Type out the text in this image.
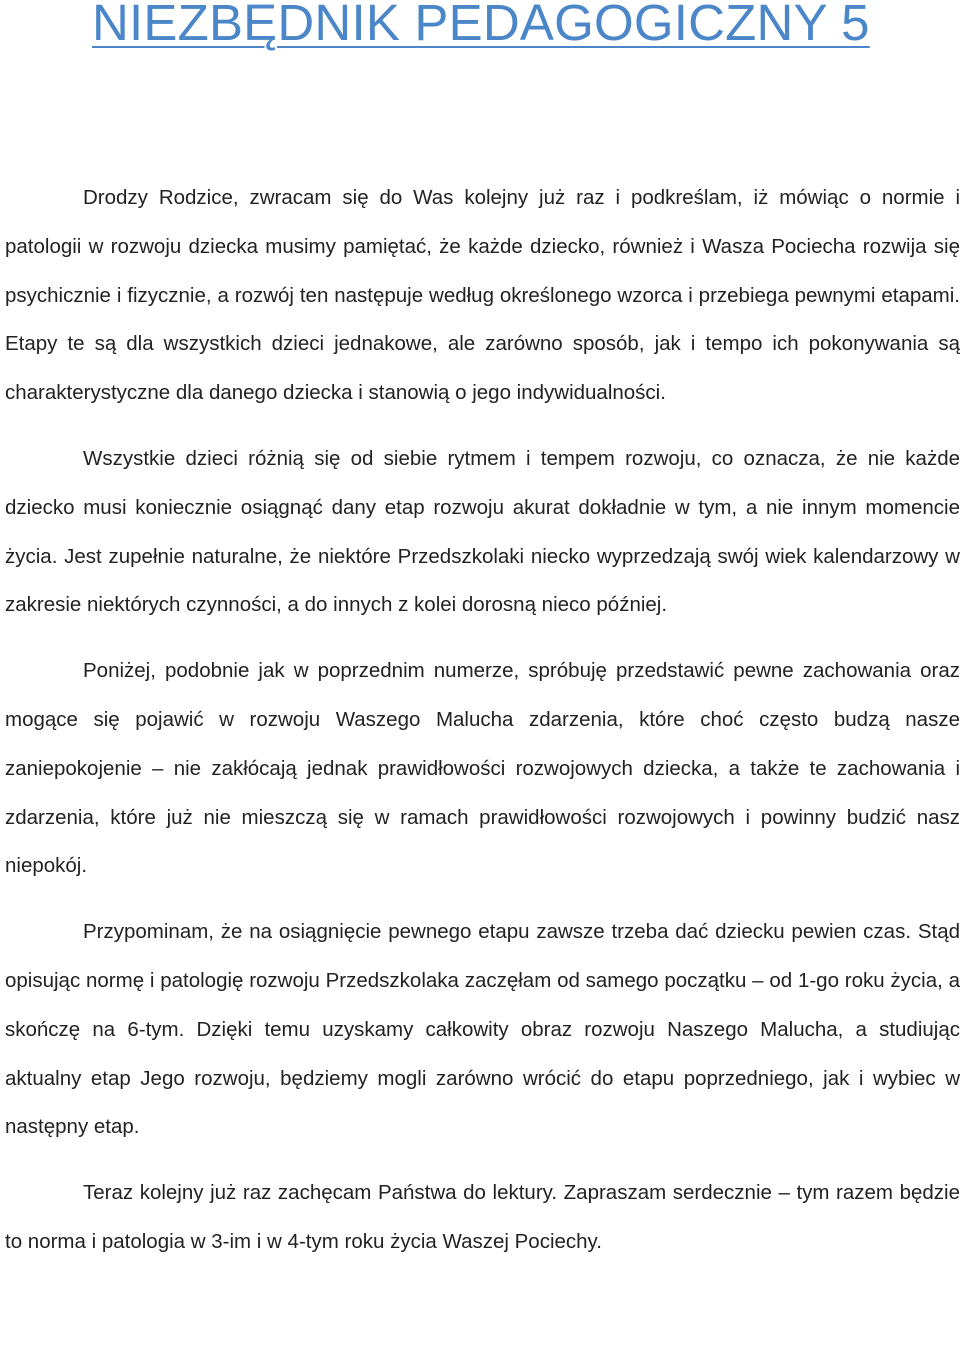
NIEZBĘDNIK PEDAGOGICZNY 5

Drodzy Rodzice, zwracam się do Was kolejny już raz i podkreślam, iż mówiąc o normie i patologii w rozwoju dziecka musimy pamiętać, że każde dziecko, również i Wasza Pociecha rozwija się psychicznie i fizycznie, a rozwój ten następuje według określonego wzorca i przebiega pewnymi etapami. Etapy te są dla wszystkich dzieci jednakowe, ale zarówno sposób, jak i tempo ich pokonywania są charakterystyczne dla danego dziecka i stanowią o jego indywidualności.

Wszystkie dzieci różnią się od siebie rytmem i tempem rozwoju, co oznacza, że nie każde dziecko musi koniecznie osiągnąć dany etap rozwoju akurat dokładnie w tym, a nie innym momencie życia. Jest zupełnie naturalne, że niektóre Przedszkolaki niecko wyprzedzają swój wiek kalendarzowy w zakresie niektórych czynności, a do innych z kolei dorosną nieco później.

Poniżej, podobnie jak w poprzednim numerze, spróbuję przedstawić pewne zachowania oraz mogące się pojawić w rozwoju Waszego Malucha zdarzenia, które choć często budzą nasze zaniepokojenie – nie zakłócają jednak prawidłowości rozwojowych dziecka, a także te zachowania i zdarzenia, które już nie mieszczą się w ramach prawidłowości rozwojowych i powinny budzić nasz niepokój.

Przypominam, że na osiągnięcie pewnego etapu zawsze trzeba dać dziecku pewien czas. Stąd opisując normę i patologię rozwoju Przedszkolaka zaczęłam od samego początku – od 1-go roku życia, a skończę na 6-tym. Dzięki temu uzyskamy całkowity obraz rozwoju Naszego Malucha, a studiując aktualny etap Jego rozwoju, będziemy mogli zarówno wrócić do etapu poprzedniego, jak i wybiec w następny etap.

Teraz kolejny już raz zachęcam Państwa do lektury. Zapraszam serdecznie – tym razem będzie to norma i patologia w 3-im i w 4-tym roku życia Waszej Pociechy.
